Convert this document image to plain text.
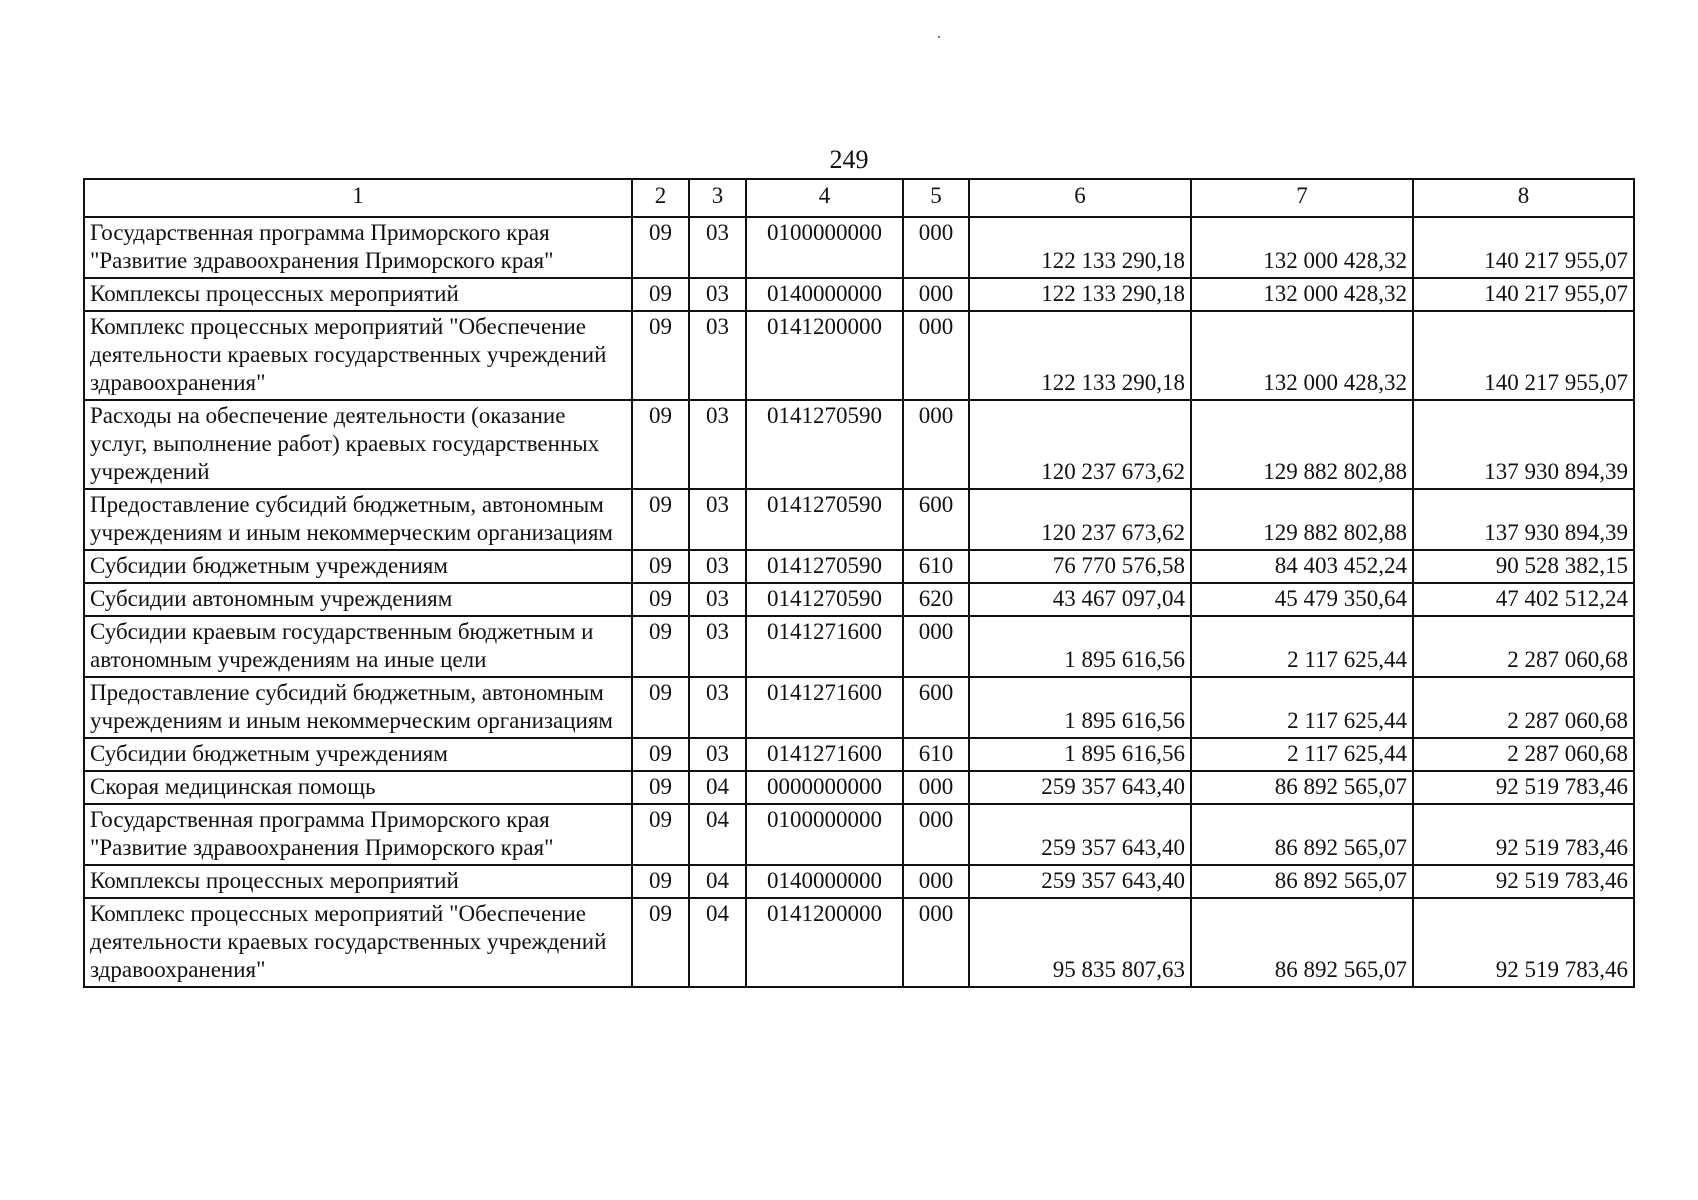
249
1	2	3	4	5	6	7	8
Государственная программа Приморского края "Развитие здравоохранения Приморского края"	09	03	0100000000	000	122 133 290,18	132 000 428,32	140 217 955,07
Комплексы процессных мероприятий	09	03	0140000000	000	122 133 290,18	132 000 428,32	140 217 955,07
Комплекс процессных мероприятий "Обеспечение деятельности краевых государственных учреждений здравоохранения"	09	03	0141200000	000	122 133 290,18	132 000 428,32	140 217 955,07
Расходы на обеспечение деятельности (оказание услуг, выполнение работ) краевых государственных учреждений	09	03	0141270590	000	120 237 673,62	129 882 802,88	137 930 894,39
Предоставление субсидий бюджетным, автономным учреждениям и иным некоммерческим организациям	09	03	0141270590	600	120 237 673,62	129 882 802,88	137 930 894,39
Субсидии бюджетным учреждениям	09	03	0141270590	610	76 770 576,58	84 403 452,24	90 528 382,15
Субсидии автономным учреждениям	09	03	0141270590	620	43 467 097,04	45 479 350,64	47 402 512,24
Субсидии краевым государственным бюджетным и автономным учреждениям на иные цели	09	03	0141271600	000	1 895 616,56	2 117 625,44	2 287 060,68
Предоставление субсидий бюджетным, автономным учреждениям и иным некоммерческим организациям	09	03	0141271600	600	1 895 616,56	2 117 625,44	2 287 060,68
Субсидии бюджетным учреждениям	09	03	0141271600	610	1 895 616,56	2 117 625,44	2 287 060,68
Скорая медицинская помощь	09	04	0000000000	000	259 357 643,40	86 892 565,07	92 519 783,46
Государственная программа Приморского края "Развитие здравоохранения Приморского края"	09	04	0100000000	000	259 357 643,40	86 892 565,07	92 519 783,46
Комплексы процессных мероприятий	09	04	0140000000	000	259 357 643,40	86 892 565,07	92 519 783,46
Комплекс процессных мероприятий "Обеспечение деятельности краевых государственных учреждений здравоохранения"	09	04	0141200000	000	95 835 807,63	86 892 565,07	92 519 783,46
